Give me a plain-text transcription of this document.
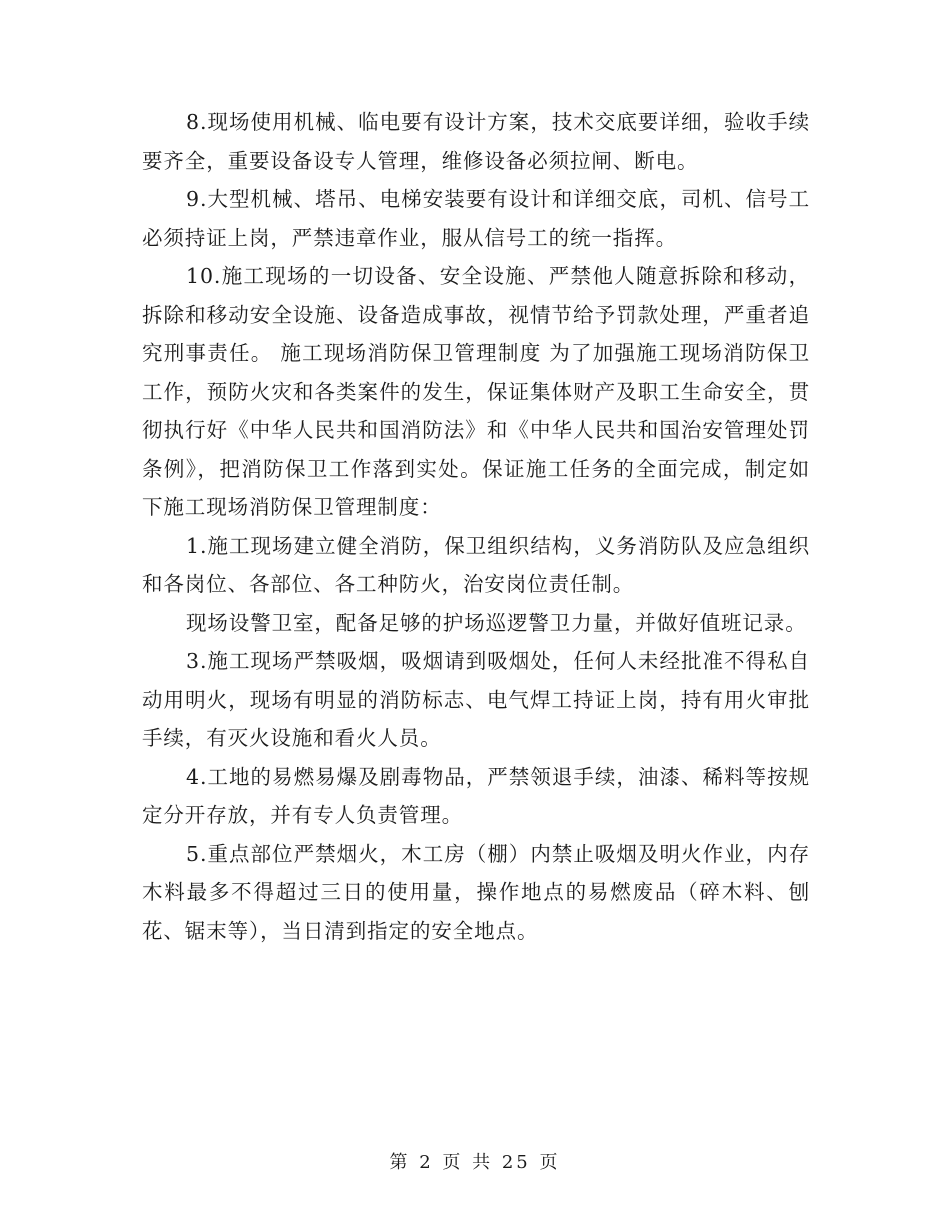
8.现场使用机械、临电要有设计方案，技术交底要详细，验收手续要齐全，重要设备设专人管理，维修设备必须拉闸、断电。

9.大型机械、塔吊、电梯安装要有设计和详细交底，司机、信号工必须持证上岗，严禁违章作业，服从信号工的统一指挥。

10.施工现场的一切设备、安全设施、严禁他人随意拆除和移动，拆除和移动安全设施、设备造成事故，视情节给予罚款处理，严重者追究刑事责任。 施工现场消防保卫管理制度 为了加强施工现场消防保卫工作，预防火灾和各类案件的发生，保证集体财产及职工生命安全，贯彻执行好《中华人民共和国消防法》和《中华人民共和国治安管理处罚条例》，把消防保卫工作落到实处。保证施工任务的全面完成，制定如下施工现场消防保卫管理制度：

1.施工现场建立健全消防，保卫组织结构，义务消防队及应急组织和各岗位、各部位、各工种防火，治安岗位责任制。

现场设警卫室，配备足够的护场巡逻警卫力量，并做好值班记录。

3.施工现场严禁吸烟，吸烟请到吸烟处，任何人未经批准不得私自动用明火，现场有明显的消防标志、电气焊工持证上岗，持有用火审批手续，有灭火设施和看火人员。

4.工地的易燃易爆及剧毒物品，严禁领退手续，油漆、稀料等按规定分开存放，并有专人负责管理。

5.重点部位严禁烟火，木工房（棚）内禁止吸烟及明火作业，内存木料最多不得超过三日的使用量，操作地点的易燃废品（碎木料、刨花、锯末等），当日清到指定的安全地点。

第 2 页 共 25 页
